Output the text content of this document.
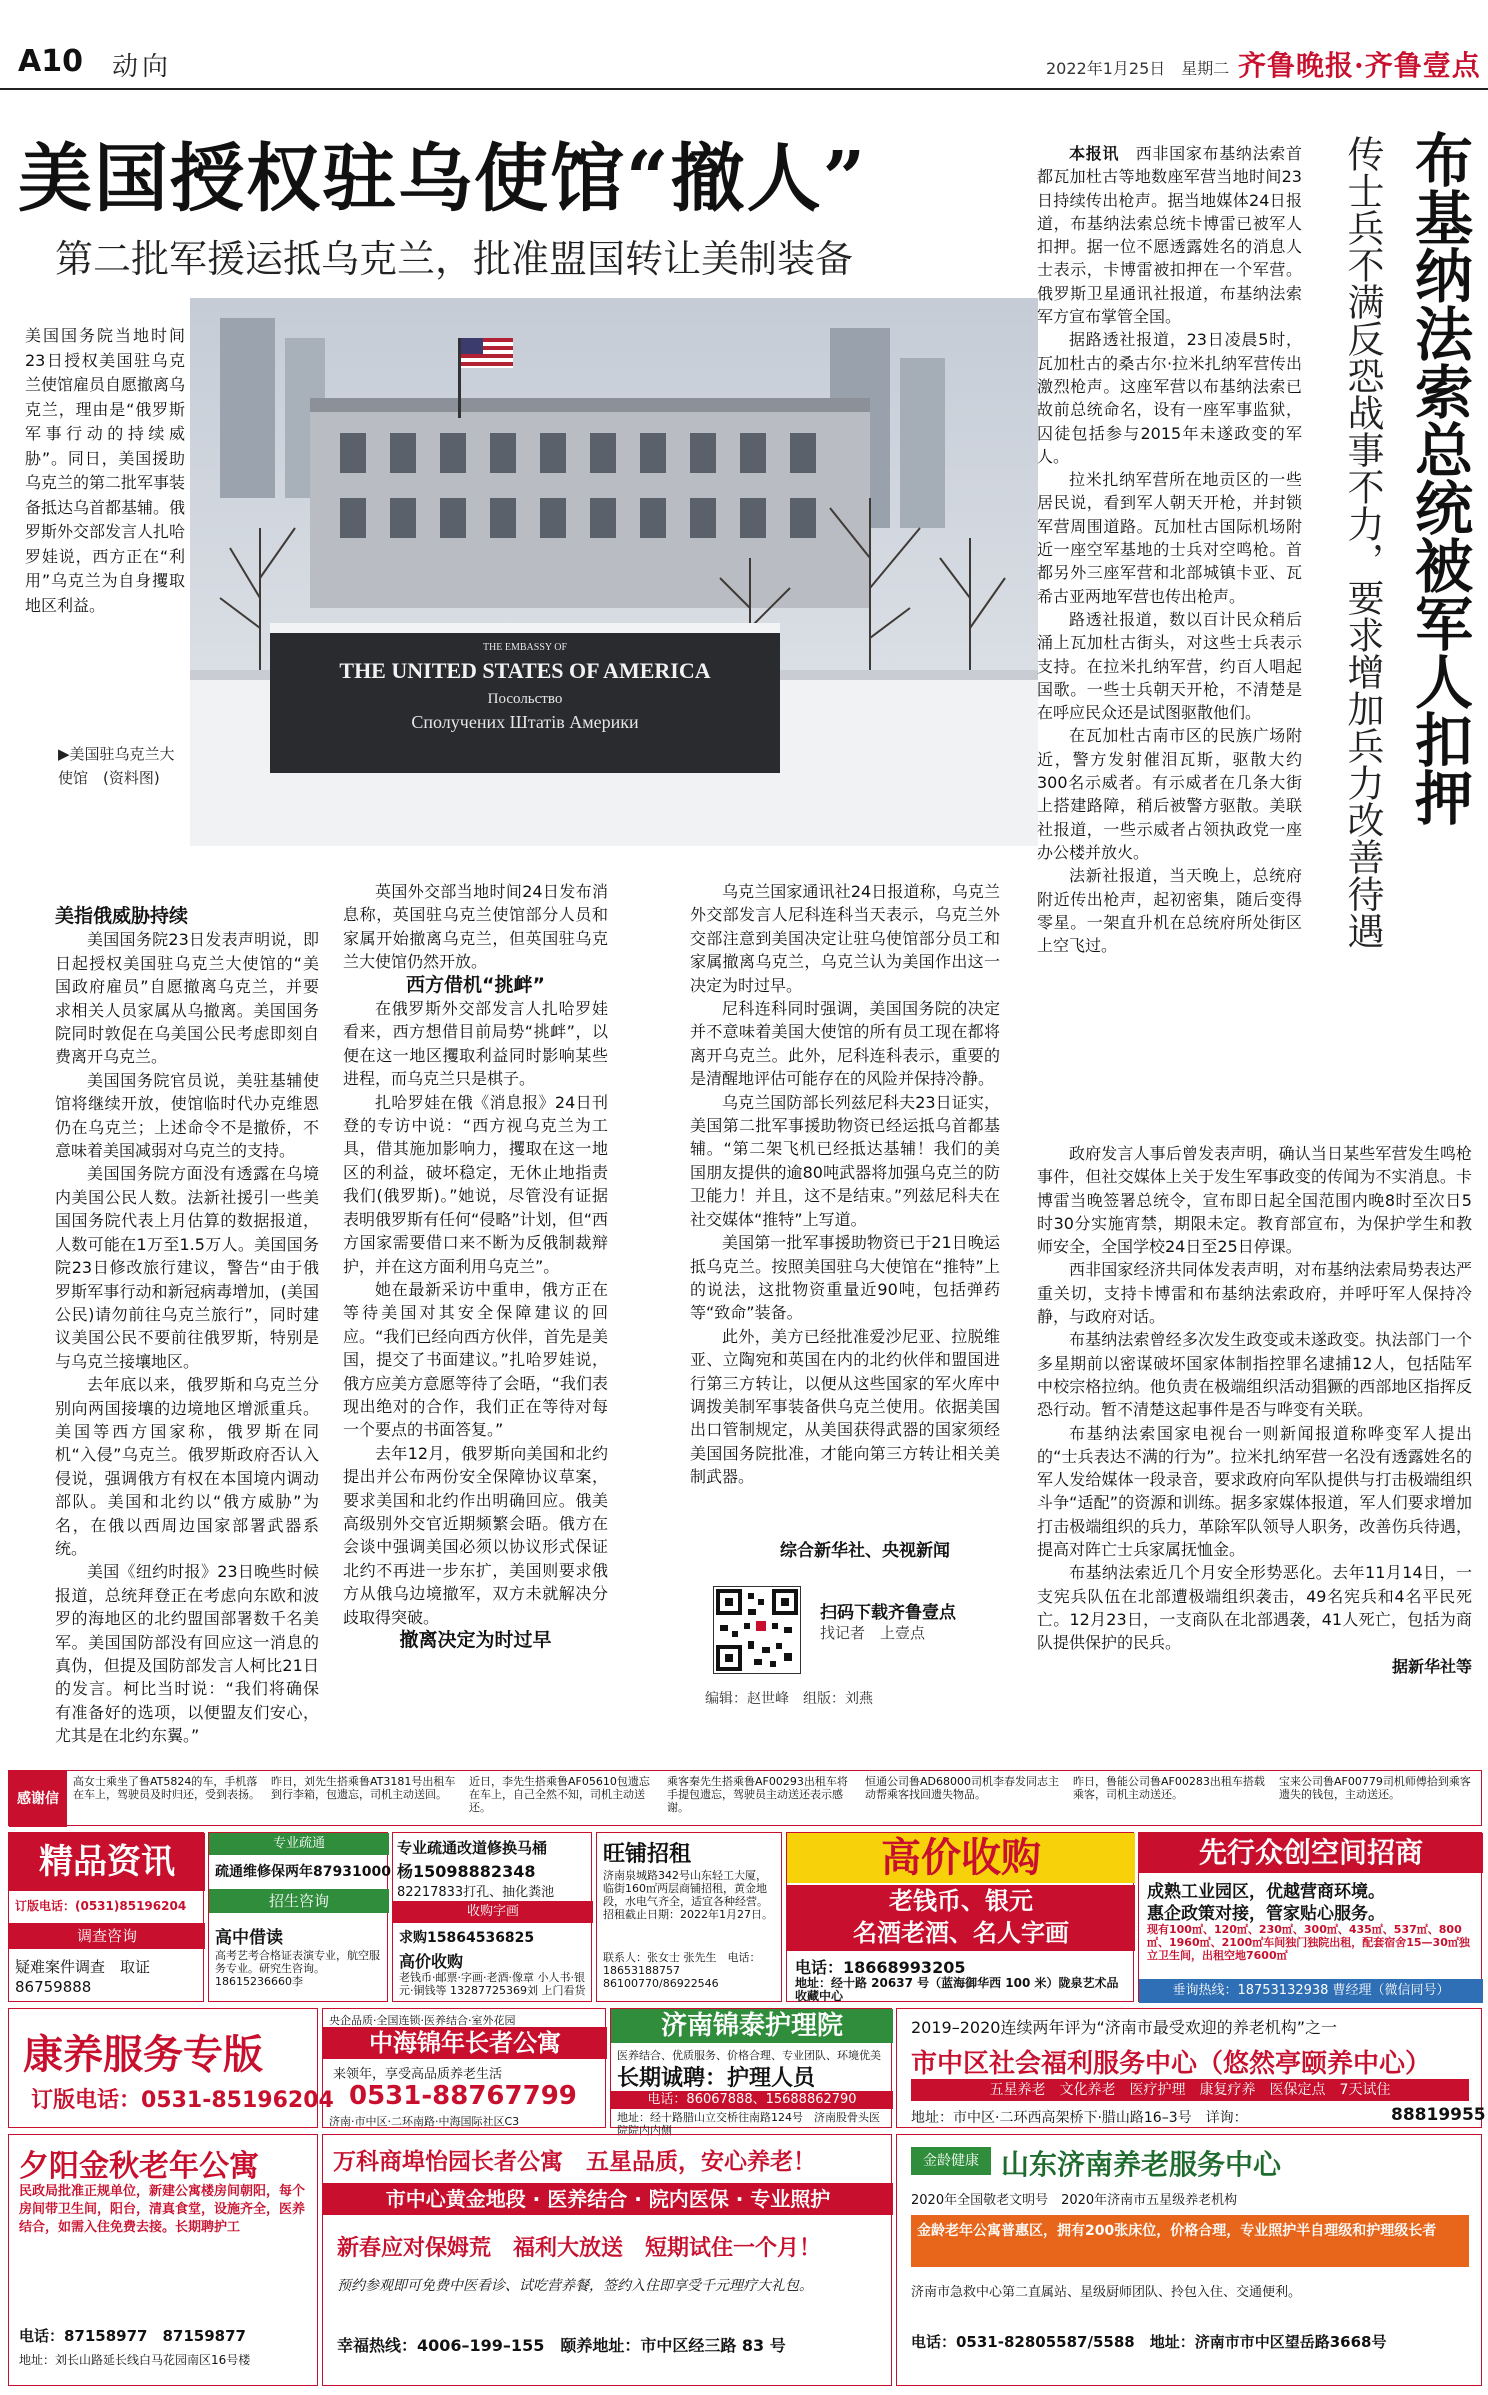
A10 动向	2022年1月25日　星期二 齐鲁晚报·齐鲁壹点
美国授权驻乌使馆“撤人”
第二批军援运抵乌克兰，批准盟国转让美制装备
美国国务院当地时间23日授权美国驻乌克兰使馆雇员自愿撤离乌克兰，理由是“俄罗斯军事行动的持续威胁”。同日，美国援助乌克兰的第二批军事装备抵达乌首都基辅。俄罗斯外交部发言人扎哈罗娃说，西方正在“利用”乌克兰为自身攫取地区利益。
▶美国驻乌克兰大使馆　(资料图)
THE EMBASSY OF
THE UNITED STATES OF AMERICA
Посольство
Сполучених Штатів Америки	布基纳法索总统被军人扣押
传士兵不满反恐战事不力，要求增加兵力改善待遇

本报讯　 西非国家布基纳法索首都瓦加杜古等地数座军营当地时间23日持续传出枪声。据当地媒体24日报道，布基纳法索总统卡博雷已被军人扣押。据一位不愿透露姓名的消息人士表示，卡博雷被扣押在一个军营。俄罗斯卫星通讯社报道，布基纳法索军方宣布掌管全国。

据路透社报道，23日凌晨5时，瓦加杜古的桑古尔·拉米扎纳军营传出激烈枪声。这座军营以布基纳法索已故前总统命名，设有一座军事监狱，囚徒包括参与2015年未遂政变的军人。

拉米扎纳军营所在地贡区的一些居民说，看到军人朝天开枪，并封锁军营周围道路。瓦加杜古国际机场附近一座空军基地的士兵对空鸣枪。首都另外三座军营和北部城镇卡亚、瓦希古亚两地军营也传出枪声。

路透社报道，数以百计民众稍后涌上瓦加杜古街头，对这些士兵表示支持。在拉米扎纳军营，约百人唱起国歌。一些士兵朝天开枪，不清楚是在呼应民众还是试图驱散他们。

在瓦加杜古南市区的民族广场附近，警方发射催泪瓦斯，驱散大约300名示威者。有示威者在几条大街上搭建路障，稍后被警方驱散。美联社报道，一些示威者占领执政党一座办公楼并放火。

法新社报道，当天晚上，总统府附近传出枪声，起初密集，随后变得零星。一架直升机在总统府所处街区上空飞过。

政府发言人事后曾发表声明，确认当日某些军营发生鸣枪事件，但社交媒体上关于发生军事政变的传闻为不实消息。卡博雷当晚签署总统令，宣布即日起全国范围内晚8时至次日5时30分实施宵禁，期限未定。教育部宣布，为保护学生和教师安全，全国学校24日至25日停课。

西非国家经济共同体发表声明，对布基纳法索局势表达严重关切，支持卡博雷和布基纳法索政府，并呼吁军人保持冷静，与政府对话。

布基纳法索曾经多次发生政变或未遂政变。执法部门一个多星期前以密谋破坏国家体制指控罪名逮捕12人，包括陆军中校宗格拉纳。他负责在极端组织活动猖獗的西部地区指挥反恐行动。暂不清楚这起事件是否与哗变有关联。

布基纳法索国家电视台一则新闻报道称哗变军人提出的“士兵表达不满的行为”。拉米扎纳军营一名没有透露姓名的军人发给媒体一段录音，要求政府向军队提供与打击极端组织斗争“适配”的资源和训练。据多家媒体报道，军人们要求增加打击极端组织的兵力，革除军队领导人职务，改善伤兵待遇，提高对阵亡士兵家属抚恤金。

布基纳法索近几个月安全形势恶化。去年11月14日，一支宪兵队伍在北部遭极端组织袭击，49名宪兵和4名平民死亡。12月23日，一支商队在北部遇袭，41人死亡，包括为商队提供保护的民兵。

据新华社等

美指俄威胁持续

美国国务院23日发表声明说，即日起授权美国驻乌克兰大使馆的“美国政府雇员”自愿撤离乌克兰，并要求相关人员家属从乌撤离。美国国务院同时敦促在乌美国公民考虑即刻自费离开乌克兰。

美国国务院官员说，美驻基辅使馆将继续开放，使馆临时代办克维恩仍在乌克兰；上述命令不是撤侨，不意味着美国减弱对乌克兰的支持。

美国国务院方面没有透露在乌境内美国公民人数。法新社援引一些美国国务院代表上月估算的数据报道，人数可能在1万至1.5万人。美国国务院23日修改旅行建议，警告“由于俄罗斯军事行动和新冠病毒增加，(美国公民)请勿前往乌克兰旅行”，同时建议美国公民不要前往俄罗斯，特别是与乌克兰接壤地区。

去年底以来，俄罗斯和乌克兰分别向两国接壤的边境地区增派重兵。美国等西方国家称，俄罗斯在同机“入侵”乌克兰。俄罗斯政府否认入侵说，强调俄方有权在本国境内调动部队。美国和北约以“俄方威胁”为名，在俄以西周边国家部署武器系统。

美国《纽约时报》23日晚些时候报道，总统拜登正在考虑向东欧和波罗的海地区的北约盟国部署数千名美军。美国国防部没有回应这一消息的真伪，但提及国防部发言人柯比21日的发言。柯比当时说：“我们将确保有准备好的选项，以便盟友们安心，尤其是在北约东翼。”

英国外交部当地时间24日发布消息称，英国驻乌克兰使馆部分人员和家属开始撤离乌克兰，但英国驻乌克兰大使馆仍然开放。

西方借机“挑衅”

在俄罗斯外交部发言人扎哈罗娃看来，西方想借目前局势“挑衅”，以便在这一地区攫取利益同时影响某些进程，而乌克兰只是棋子。

扎哈罗娃在俄《消息报》24日刊登的专访中说：“西方视乌克兰为工具，借其施加影响力，攫取在这一地区的利益，破坏稳定，无休止地指责我们(俄罗斯)。”她说，尽管没有证据表明俄罗斯有任何“侵略”计划，但“西方国家需要借口来不断为反俄制裁辩护，并在这方面利用乌克兰”。

她在最新采访中重申，俄方正在等待美国对其安全保障建议的回应。“我们已经向西方伙伴，首先是美国，提交了书面建议。”扎哈罗娃说，俄方应美方意愿等待了会晤，“我们表现出绝对的合作，我们正在等待对每一个要点的书面答复。”

去年12月，俄罗斯向美国和北约提出并公布两份安全保障协议草案，要求美国和北约作出明确回应。俄美高级别外交官近期频繁会晤。俄方在会谈中强调美国必须以协议形式保证北约不再进一步东扩，美国则要求俄方从俄乌边境撤军，双方未就解决分歧取得突破。

撤离决定为时过早

乌克兰国家通讯社24日报道称，乌克兰外交部发言人尼科连科当天表示，乌克兰外交部注意到美国决定让驻乌使馆部分员工和家属撤离乌克兰，乌克兰认为美国作出这一决定为时过早。

尼科连科同时强调，美国国务院的决定并不意味着美国大使馆的所有员工现在都将离开乌克兰。此外，尼科连科表示，重要的是清醒地评估可能存在的风险并保持冷静。

乌克兰国防部长列兹尼科夫23日证实，美国第二批军事援助物资已经运抵乌首都基辅。“第二架飞机已经抵达基辅！我们的美国朋友提供的逾80吨武器将加强乌克兰的防卫能力！并且，这不是结束。”列兹尼科夫在社交媒体“推特”上写道。

美国第一批军事援助物资已于21日晚运抵乌克兰。按照美国驻乌大使馆在“推特”上的说法，这批物资重量近90吨，包括弹药等“致命”装备。

此外，美方已经批准爱沙尼亚、拉脱维亚、立陶宛和英国在内的北约伙伴和盟国进行第三方转让，以便从这些国家的军火库中调拨美制军事装备供乌克兰使用。依据美国出口管制规定，从美国获得武器的国家须经美国国务院批准，才能向第三方转让相关美制武器。

综合新华社、央视新闻
扫码下载齐鲁壹点
找记者　上壹点
编辑：赵世峰　组版：刘燕
感谢信
高女士乘坐了鲁AT5824的车，手机落在车上，驾驶员及时归还，受到表扬。
昨日，刘先生搭乘鲁AT3181号出租车到行李箱，包遗忘，司机主动送回。
近日，李先生搭乘鲁AF05610包遗忘在车上，自己全然不知，司机主动送还。
乘客秦先生搭乘鲁AF00293出租车将手提包遗忘，驾驶员主动送还表示感谢。
恒通公司鲁AD68000司机李春发同志主动帮乘客找回遗失物品。
昨日，鲁能公司鲁AF00283出租车搭载乘客，司机主动送还。
宝来公司鲁AF00779司机师傅拾到乘客遗失的钱包，主动送还。
精品资讯
订版电话：(0531)85196204
调查咨询
疑难案件调查　取证86759888
专业疏通
疏通维修保两年87931000
招生咨询
高中借读
高考艺考合格证表演专业，航空服务专业。研究生咨询。18615236660李
专业疏通改道修换马桶
杨15098882348
82217833打孔、抽化粪池
收购字画
求购15864536825
高价收购
老钱币·邮票·字画·老酒·像章 小人书·银元·铜钱等 13287725369刘 上门看货
旺铺招租
济南泉城路342号山东轻工大厦，临街160㎡两层商铺招租，黄金地段，水电气齐全，适宜各种经营。招租截止日期：2022年1月27日。
联系人：张女士 张先生　电话：18653188757　86100770/86922546
高价收购
老钱币、银元
名酒老酒、名人字画
电话：18668993205
地址：经十路 20637 号（蓝海御华西 100 米）陇泉艺术品收藏中心
先行众创空间招商
成熟工业园区，优越营商环境。
惠企政策对接，管家贴心服务。
现有100㎡、120㎡、230㎡、300㎡、435㎡、537㎡、800㎡、1960㎡、2100㎡车间独门独院出租，配套宿舍15—30㎡独立卫生间，出租空地7600㎡
垂询热线：18753132938 曹经理（微信同号）
康养服务专版
订版电话：0531-85196204
央企品质·全国连锁·医养结合·室外花园
中海锦年长者公寓
来领年，享受高品质养老生活
0531-88767799
济南·市中区·二环南路·中海国际社区C3
济南锦泰护理院
医养结合、优质服务、价格合理、专业团队、环境优美
长期诚聘：护理人员
电话：86067888、15688862790
地址：经十路腊山立交桥往南路124号　济南股骨头医院院内内侧
2019–2020连续两年评为“济南市最受欢迎的养老机构”之一
市中区社会福利服务中心（悠然亭颐养中心）
五星养老　文化养老　医疗护理　康复疗养　医保定点　7天试住
地址：市中区·二环西高架桥下·腊山路16–3号　详询：	88819955
夕阳金秋老年公寓
民政局批准正规单位，新建公寓楼房间朝阳，每个房间带卫生间，阳台，清真食堂，设施齐全，医养结合，如需入住免费去接。长期聘护工
电话：87158977　87159877
地址：刘长山路延长线白马花园南区16号楼
万科商埠怡园长者公寓　五星品质，安心养老！
市中心黄金地段 · 医养结合 · 院内医保 · 专业照护
新春应对保姆荒　福利大放送　短期试住一个月！
预约参观即可免费中医看诊、试吃营养餐，签约入住即享受千元理疗大礼包。
幸福热线：4006–199–155　颐养地址：市中区经三路 83 号
金龄健康 山东济南养老服务中心
2020年全国敬老文明号　2020年济南市五星级养老机构
金龄老年公寓普惠区，拥有200张床位，价格合理，专业照护半自理级和护理级长者
济南市急救中心第二直属站、星级厨师团队、拎包入住、交通便利。
电话：0531-82805587/5588　地址：济南市市中区望岳路3668号
